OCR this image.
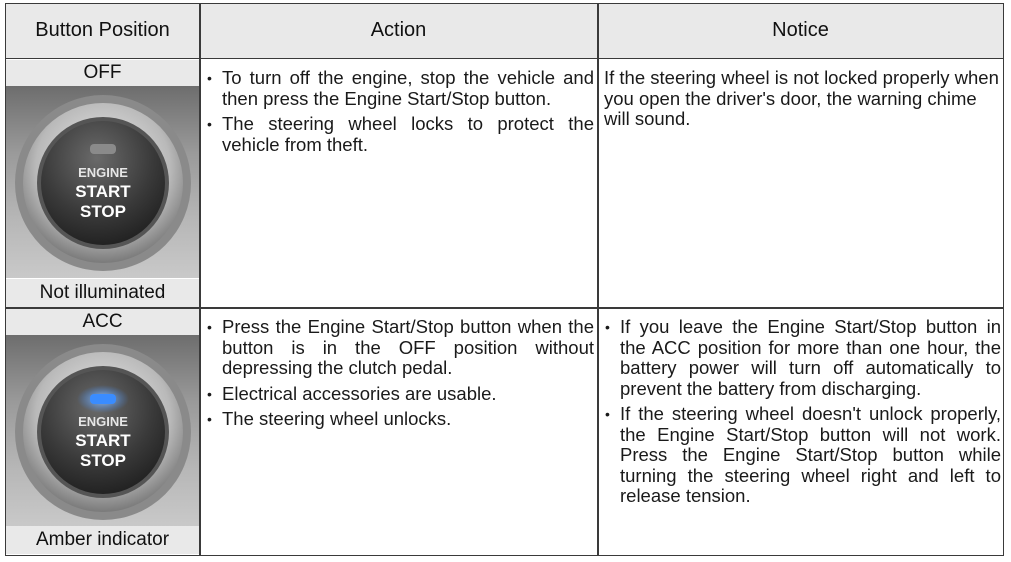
Button Position	Action	Notice
OFF
ENGINE
START
STOP
Not illuminated
• To turn off the engine, stop the vehicle and then press the Engine Start/Stop button.
• The steering wheel locks to protect the vehicle from theft.
If the steering wheel is not locked properly when you open the driver's door, the warning chime will sound.
ACC
ENGINE
START
STOP
Amber indicator
• Press the Engine Start/Stop button when the button is in the OFF position without depressing the clutch pedal.
• Electrical accessories are usable.
• The steering wheel unlocks.
• If you leave the Engine Start/Stop button in the ACC position for more than one hour, the battery power will turn off automatically to prevent the battery from discharging.
• If the steering wheel doesn't unlock properly, the Engine Start/Stop button will not work. Press the Engine Start/Stop button while turning the steering wheel right and left to release tension.
